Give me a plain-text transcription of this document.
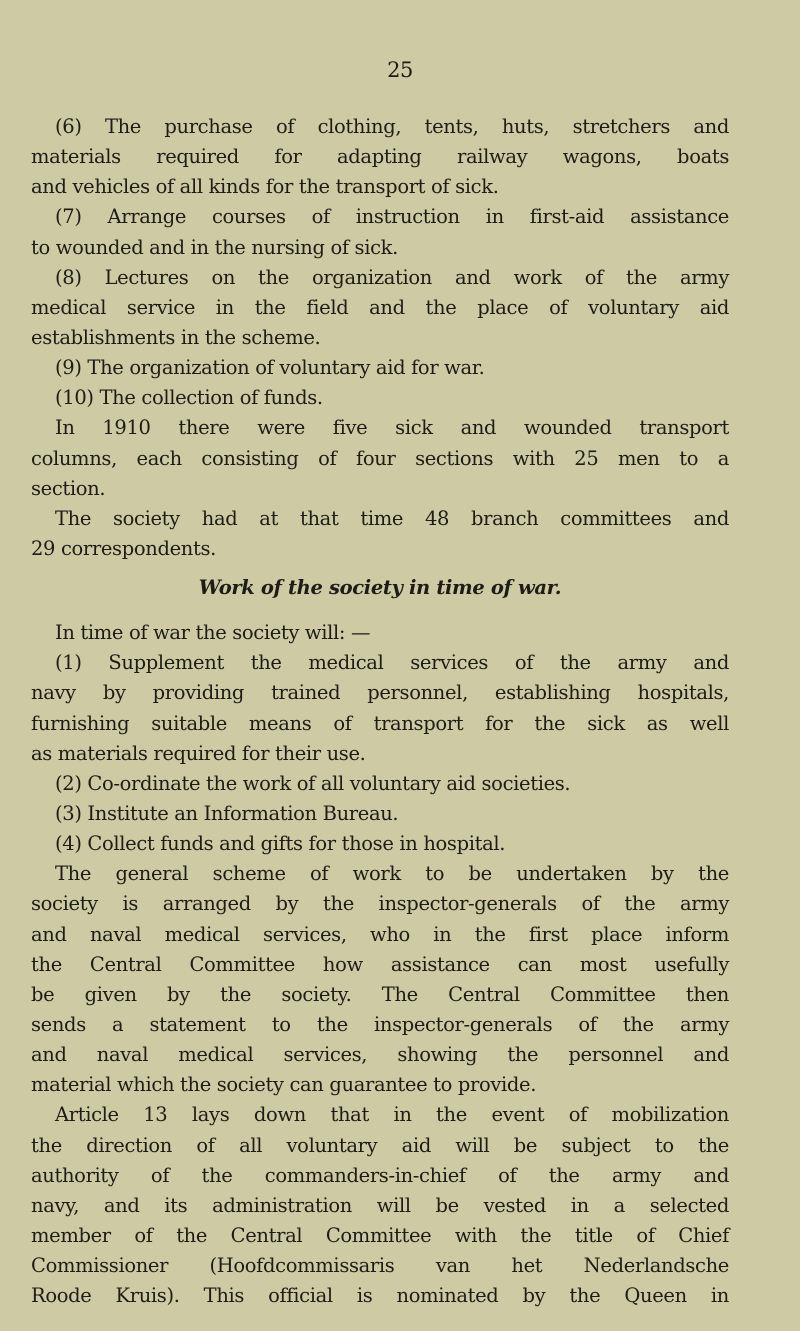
25
(6) The purchase of clothing, tents, huts, stretchers and
materials required for adapting railway wagons, boats
and vehicles of all kinds for the transport of sick.
(7) Arrange courses of instruction in first-aid assistance
to wounded and in the nursing of sick.
(8) Lectures on the organization and work of the army
medical service in the field and the place of voluntary aid
establishments in the scheme.
(9) The organization of voluntary aid for war.
(10) The collection of funds.
In 1910 there were five sick and wounded transport
columns, each consisting of four sections with 25 men to a
section.
The society had at that time 48 branch committees and
29 correspondents.
Work of the society in time of war.
In time of war the society will: —
(1) Supplement the medical services of the army and
navy by providing trained personnel, establishing hospitals,
furnishing suitable means of transport for the sick as well
as materials required for their use.
(2) Co-ordinate the work of all voluntary aid societies.
(3) Institute an Information Bureau.
(4) Collect funds and gifts for those in hospital.
The general scheme of work to be undertaken by the
society is arranged by the inspector-generals of the army
and naval medical services, who in the first place inform
the Central Committee how assistance can most usefully
be given by the society. The Central Committee then
sends a statement to the inspector-generals of the army
and naval medical services, showing the personnel and
material which the society can guarantee to provide.
Article 13 lays down that in the event of mobilization
the direction of all voluntary aid will be subject to the
authority of the commanders-in-chief of the army and
navy, and its administration will be vested in a selected
member of the Central Committee with the title of Chief
Commissioner (Hoofdcommissaris van het Nederlandsche
Roode Kruis). This official is nominated by the Queen in
